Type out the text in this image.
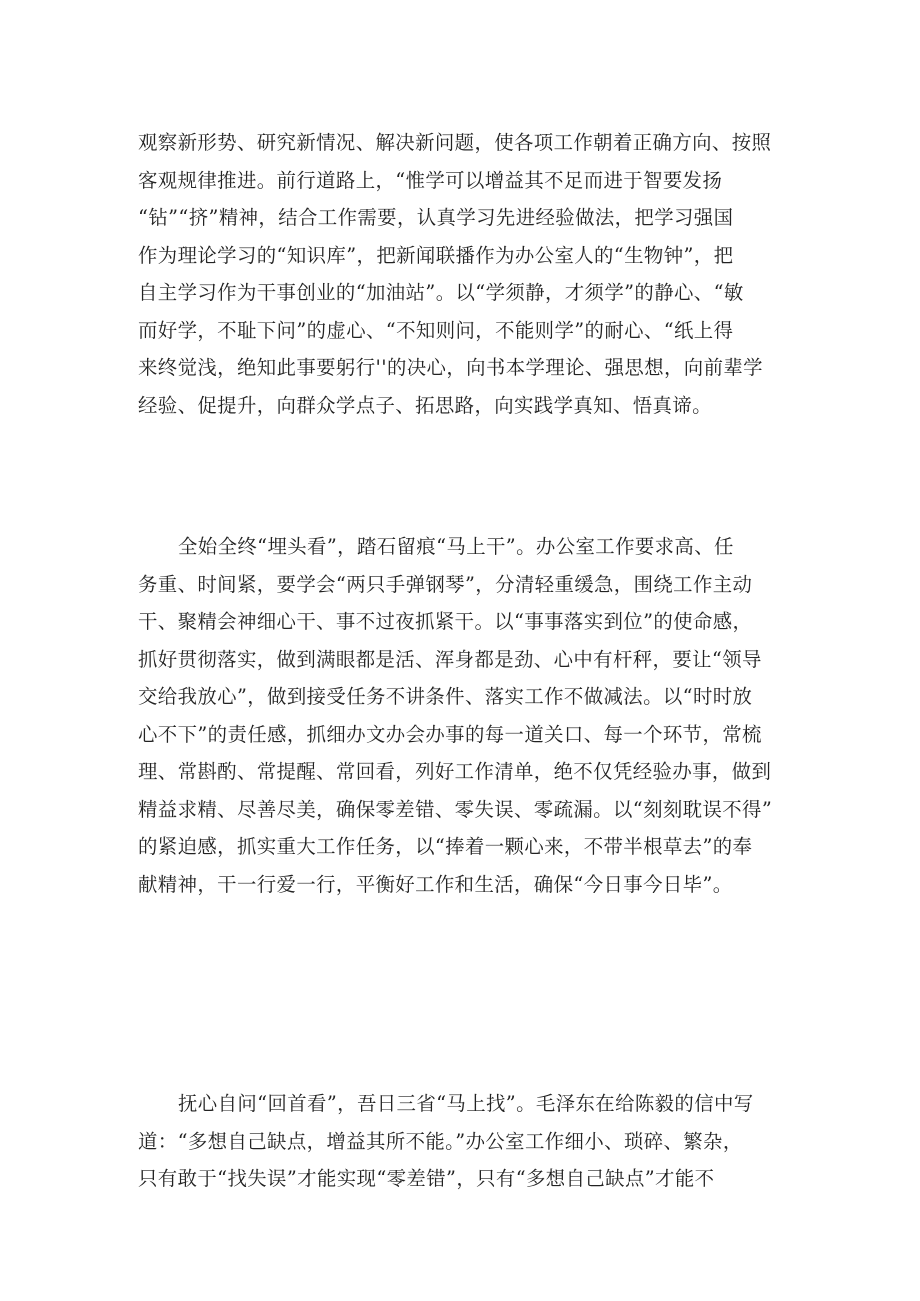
观察新形势、研究新情况、解决新问题，使各项工作朝着正确方向、按照
客观规律推进。前行道路上，“惟学可以增益其不足而进于智要发扬
“钻”“挤”精神，结合工作需要，认真学习先进经验做法，把学习强国
作为理论学习的“知识库”，把新闻联播作为办公室人的“生物钟”，把
自主学习作为干事创业的“加油站”。以“学须静，才须学”的静心、“敏
而好学，不耻下问”的虚心、“不知则问，不能则学”的耐心、“纸上得
来终觉浅，绝知此事要躬行''的决心，向书本学理论、强思想，向前辈学
经验、促提升，向群众学点子、拓思路，向实践学真知、悟真谛。
全始全终“埋头看”，踏石留痕“马上干”。办公室工作要求高、任
务重、时间紧，要学会“两只手弹钢琴”，分清轻重缓急，围绕工作主动
干、聚精会神细心干、事不过夜抓紧干。以“事事落实到位”的使命感，
抓好贯彻落实，做到满眼都是活、浑身都是劲、心中有杆秤，要让“领导
交给我放心”，做到接受任务不讲条件、落实工作不做减法。以“时时放
心不下”的责任感，抓细办文办会办事的每一道关口、每一个环节，常梳
理、常斟酌、常提醒、常回看，列好工作清单，绝不仅凭经验办事，做到
精益求精、尽善尽美，确保零差错、零失误、零疏漏。以“刻刻耽误不得”
的紧迫感，抓实重大工作任务，以“捧着一颗心来，不带半根草去”的奉
献精神，干一行爱一行，平衡好工作和生活，确保“今日事今日毕”。
抚心自问“回首看”，吾日三省“马上找”。毛泽东在给陈毅的信中写
道：“多想自己缺点，增益其所不能。”办公室工作细小、琐碎、繁杂，
只有敢于“找失误”才能实现“零差错”，只有“多想自己缺点”才能不
